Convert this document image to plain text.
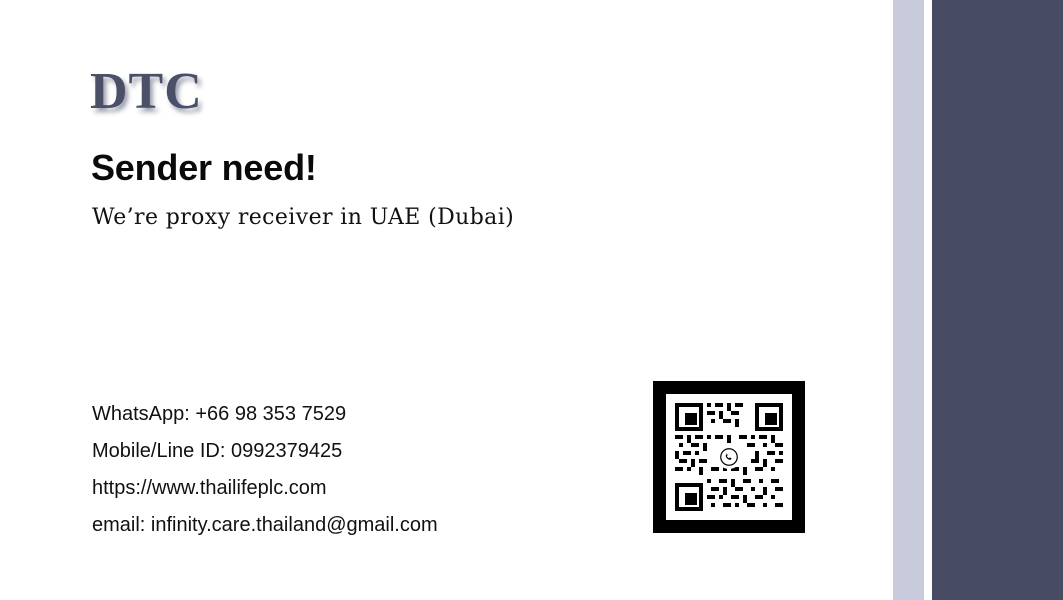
DTC
Sender need!
We’re proxy receiver in UAE (Dubai)
WhatsApp: +66 98 353 7529
Mobile/Line ID: 0992379425
https://www.thailifeplc.com
email: infinity.care.thailand@gmail.com
